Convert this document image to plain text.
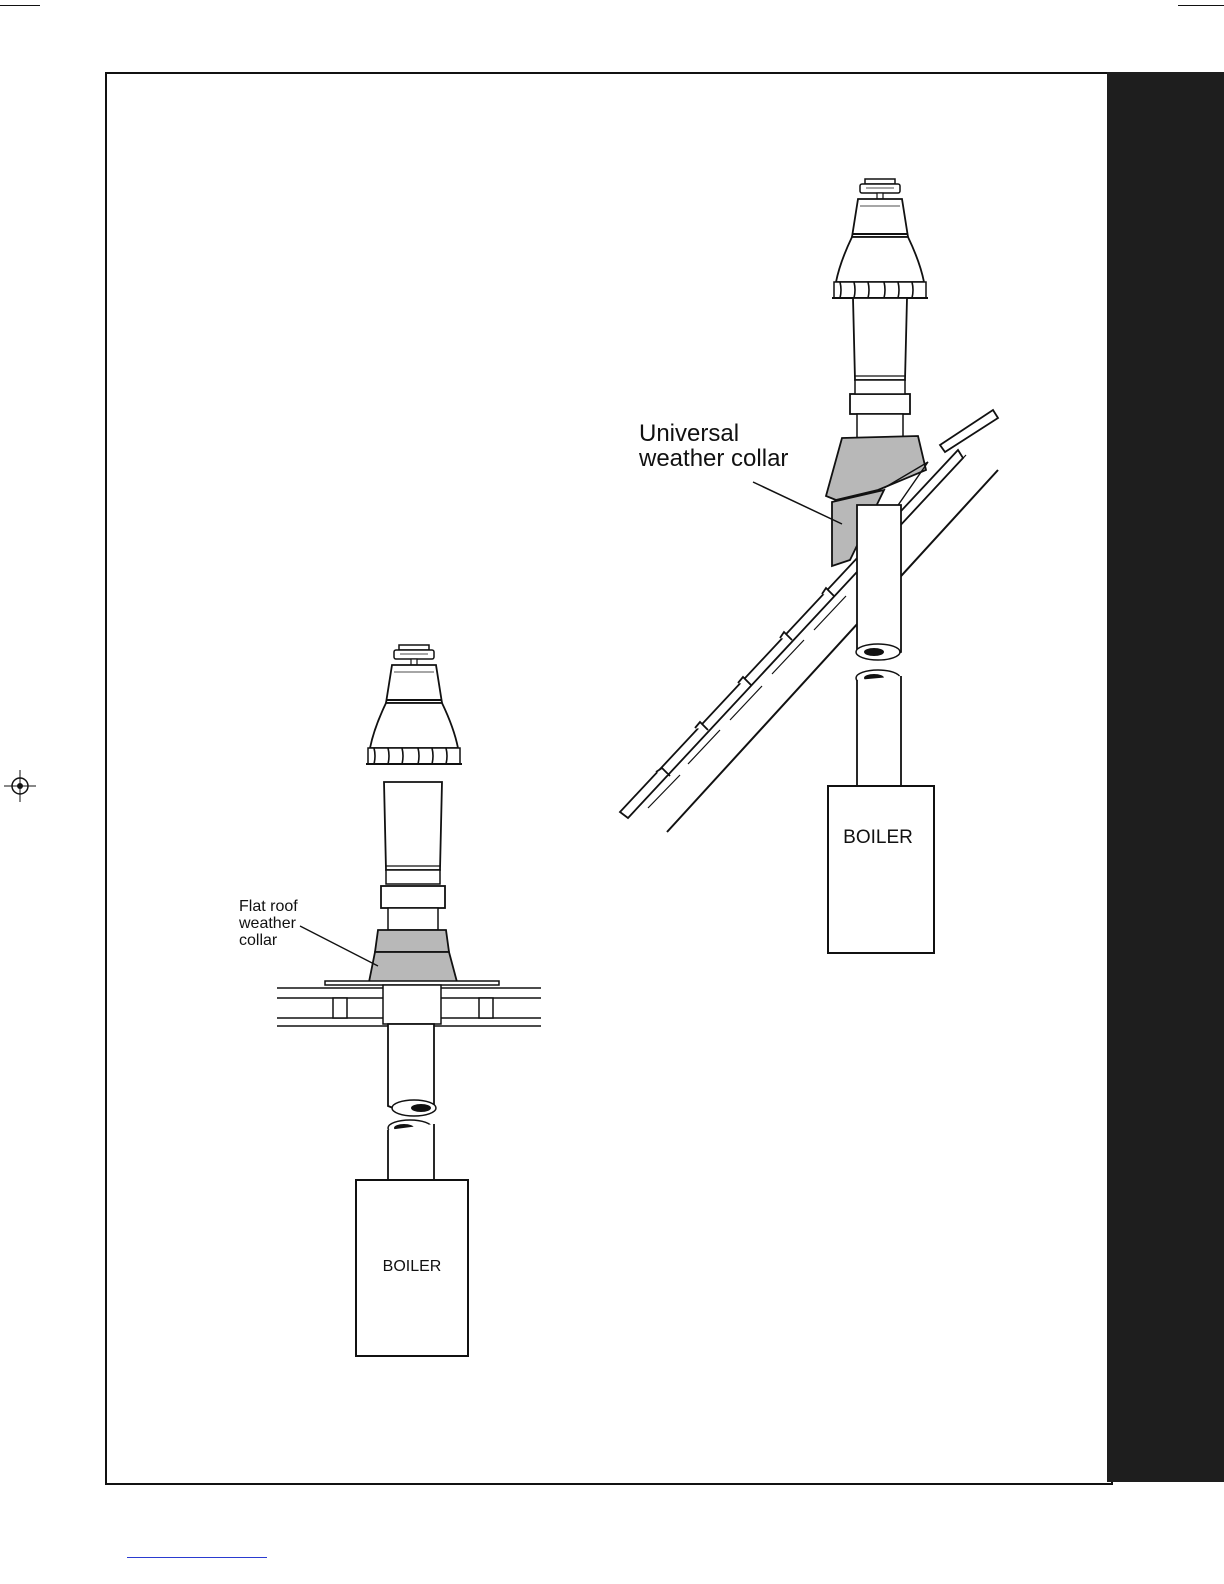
BOILER
Universal
weather collar
BOILER
Flat roof
weather
collar
